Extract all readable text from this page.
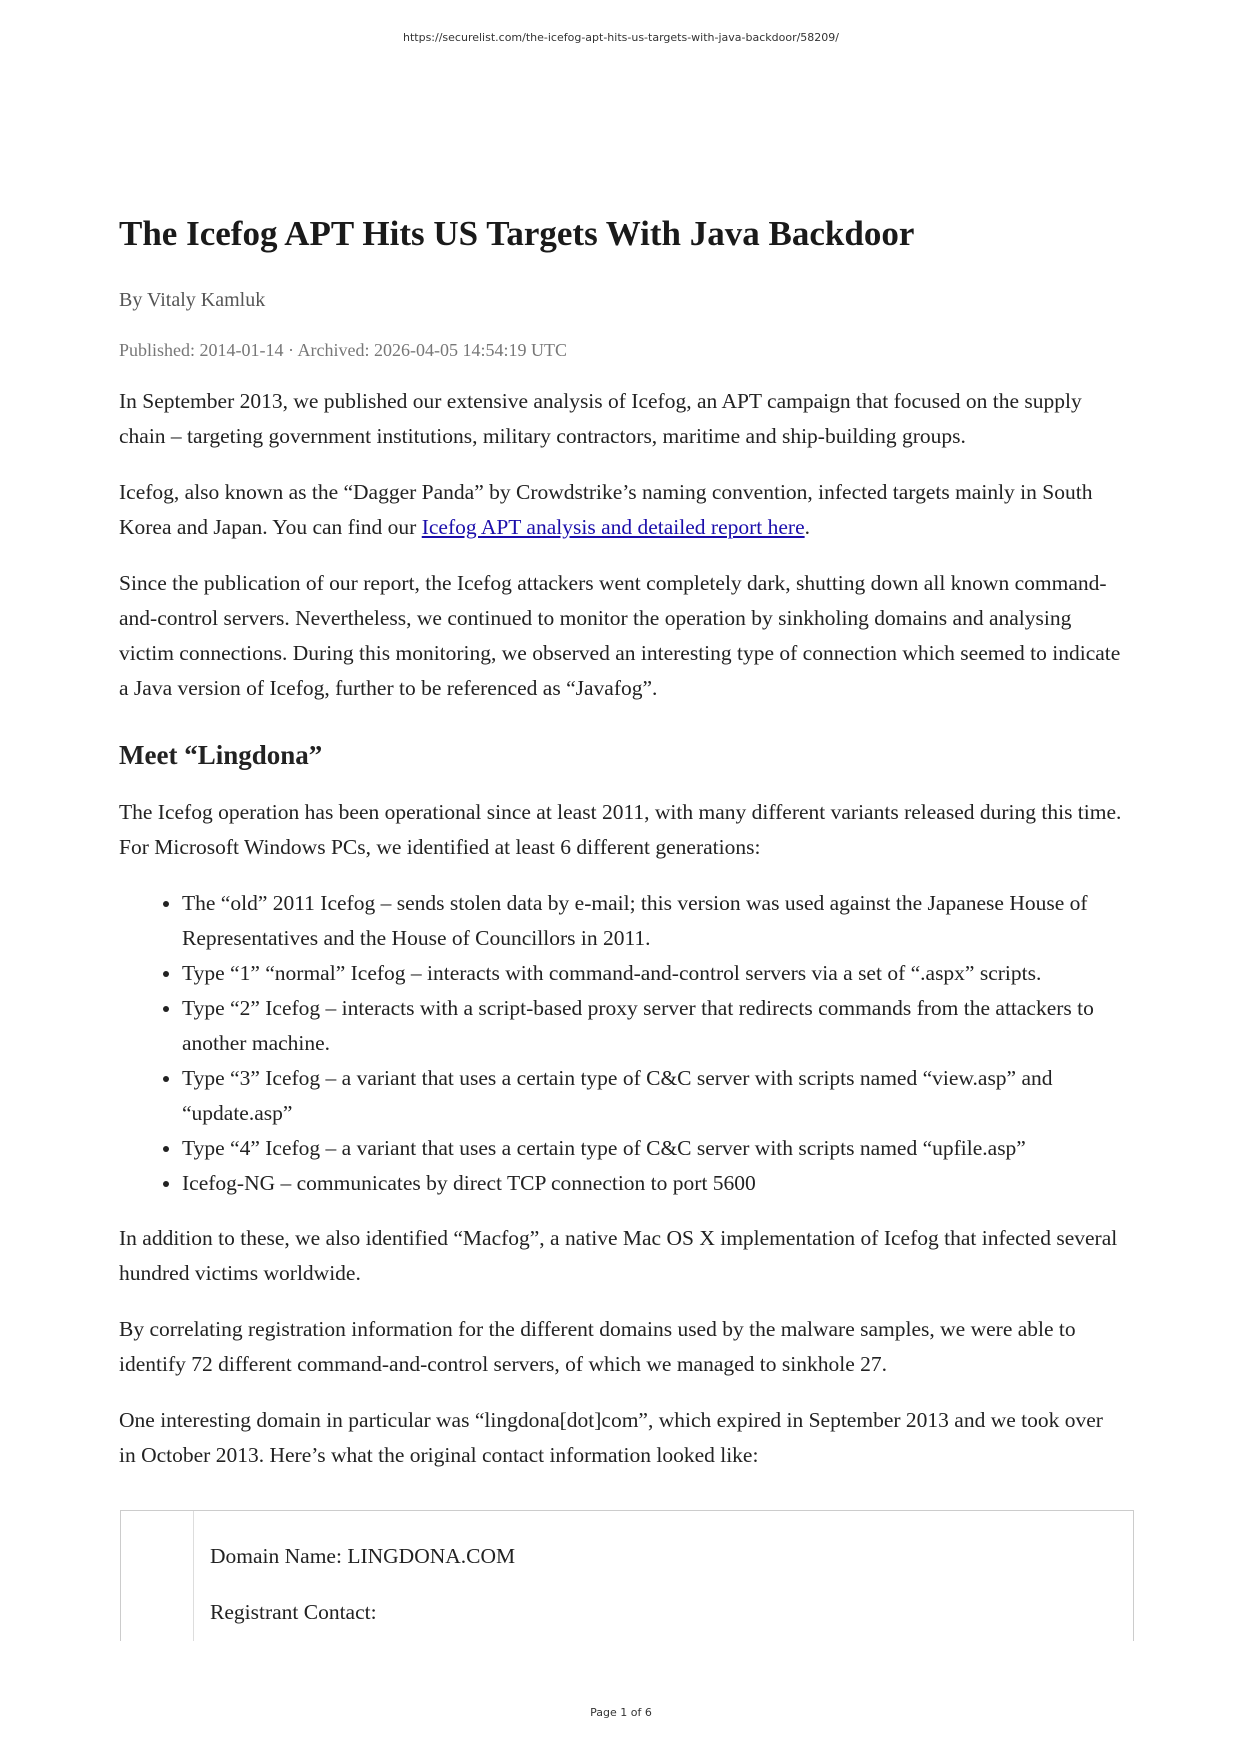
https://securelist.com/the-icefog-apt-hits-us-targets-with-java-backdoor/58209/
The Icefog APT Hits US Targets With Java Backdoor
By Vitaly Kamluk
Published: 2014-01-14 · Archived: 2026-04-05 14:54:19 UTC

In September 2013, we published our extensive analysis of Icefog, an APT campaign that focused on the supply chain – targeting government institutions, military contractors, maritime and ship-building groups.

Icefog, also known as the “Dagger Panda” by Crowdstrike’s naming convention, infected targets mainly in South Korea and Japan. You can find our Icefog APT analysis and detailed report here.

Since the publication of our report, the Icefog attackers went completely dark, shutting down all known command-and-control servers. Nevertheless, we continued to monitor the operation by sinkholing domains and analysing victim connections. During this monitoring, we observed an interesting type of connection which seemed to indicate a Java version of Icefog, further to be referenced as “Javafog”.

Meet “Lingdona”

The Icefog operation has been operational since at least 2011, with many different variants released during this time. For Microsoft Windows PCs, we identified at least 6 different generations:

• The “old” 2011 Icefog – sends stolen data by e-mail; this version was used against the Japanese House of Representatives and the House of Councillors in 2011.
• Type “1” “normal” Icefog – interacts with command-and-control servers via a set of “.aspx” scripts.
• Type “2” Icefog – interacts with a script-based proxy server that redirects commands from the attackers to another machine.
• Type “3” Icefog – a variant that uses a certain type of C&C server with scripts named “view.asp” and “update.asp”
• Type “4” Icefog – a variant that uses a certain type of C&C server with scripts named “upfile.asp”
• Icefog-NG – communicates by direct TCP connection to port 5600

In addition to these, we also identified “Macfog”, a native Mac OS X implementation of Icefog that infected several hundred victims worldwide.

By correlating registration information for the different domains used by the malware samples, we were able to identify 72 different command-and-control servers, of which we managed to sinkhole 27.

One interesting domain in particular was “lingdona[dot]com”, which expired in September 2013 and we took over in October 2013. Here’s what the original contact information looked like:

Domain Name: LINGDONA.COM

Registrant Contact:

Page 1 of 6
